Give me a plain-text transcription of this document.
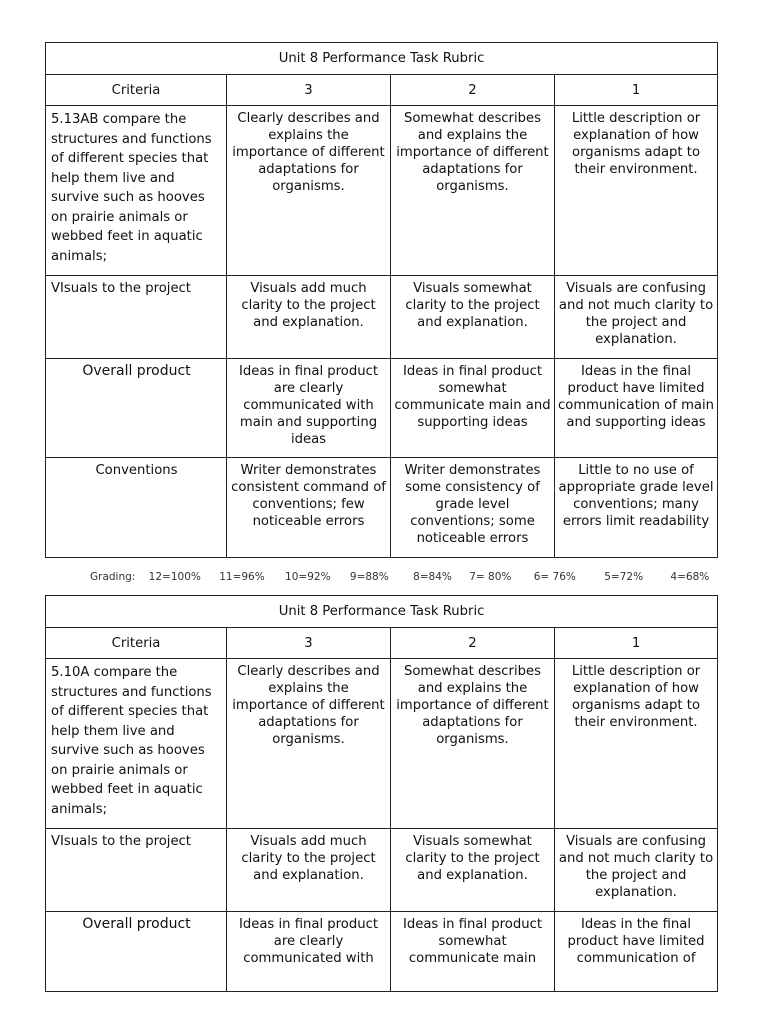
Unit 8 Performance Task Rubric			
Criteria	3	2	1
5.13AB compare the structures and functions of different species that help them live and survive such as hooves on prairie animals or webbed feet in aquatic animals;	Clearly describes and explains the importance of different adaptations for organisms.	Somewhat describes and explains the importance of different adaptations for organisms.	Little description or explanation of how organisms adapt to their environment.
VIsuals to the project	Visuals add much clarity to the project and explanation.	Visuals somewhat clarity to the project and explanation.	Visuals are confusing and not much clarity to the project and explanation.
Overall product	Ideas in final product are clearly communicated with main and supporting ideas	Ideas in final product somewhat communicate main and supporting ideas	Ideas in the final product have limited communication of main and supporting ideas
Conventions	Writer demonstrates consistent command of conventions; few noticeable errors	Writer demonstrates some consistency of grade level conventions; some noticeable errors	Little to no use of appropriate grade level conventions; many errors limit readability
Grading: 12=100% 11=96% 10=92% 9=88% 8=84% 7= 80% 6= 76%	5=72%	4=68%
Unit 8 Performance Task Rubric			
Criteria	3	2	1
5.10A compare the structures and functions of different species that help them live and survive such as hooves on prairie animals or webbed feet in aquatic animals;	Clearly describes and explains the importance of different adaptations for organisms.	Somewhat describes and explains the importance of different adaptations for organisms.	Little description or explanation of how organisms adapt to their environment.
VIsuals to the project	Visuals add much clarity to the project and explanation.	Visuals somewhat clarity to the project and explanation.	Visuals are confusing and not much clarity to the project and explanation.
Overall product	Ideas in final product are clearly communicated with	Ideas in final product somewhat communicate main	Ideas in the final product have limited communication of
